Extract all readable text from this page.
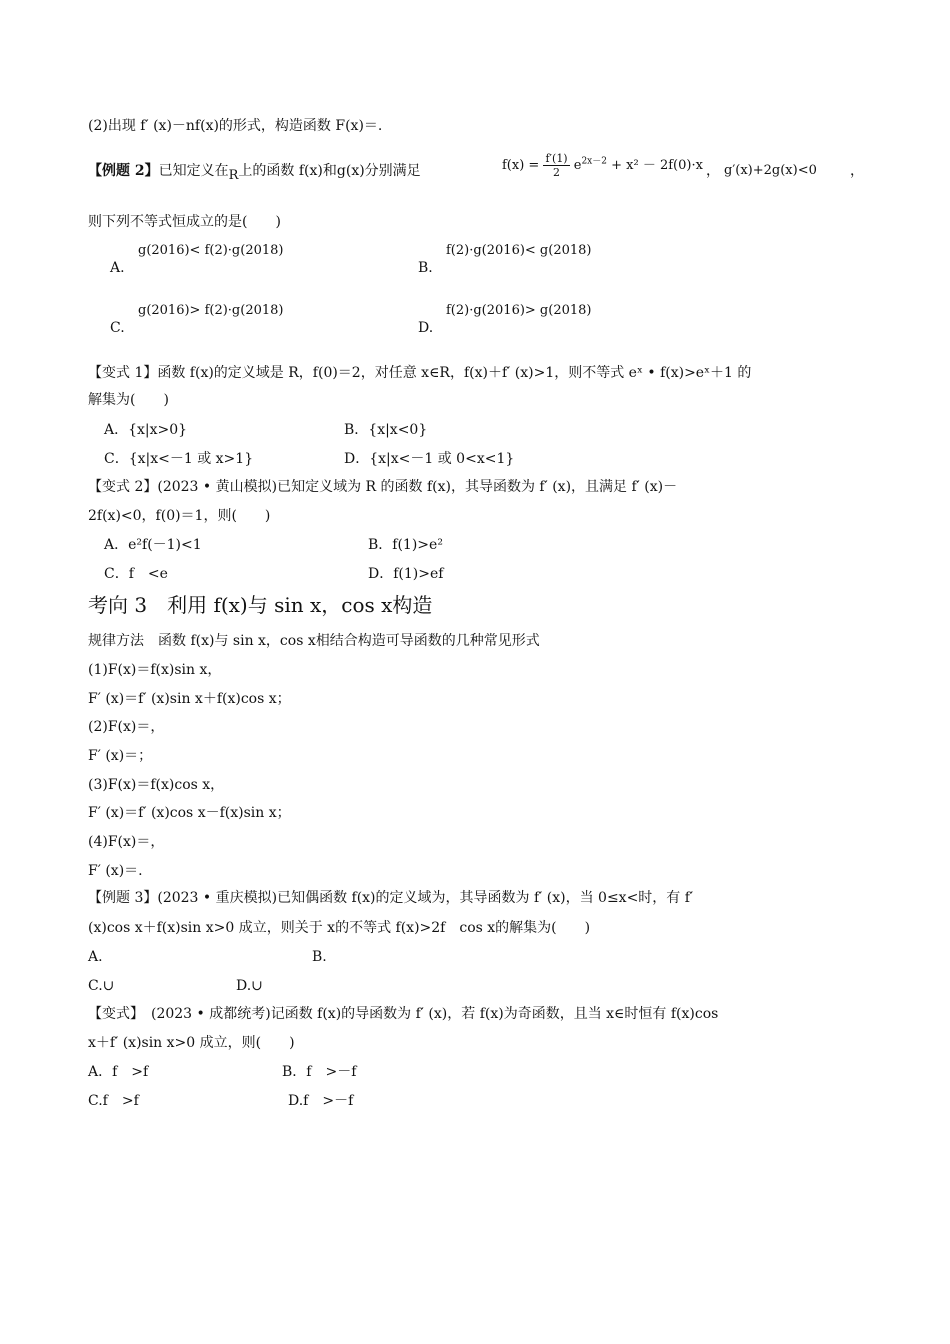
(2)出现 f′ (x)－nf(x)的形式，构造函数 F(x)＝.
【例题 2】已知定义在R上的函数 f(x)和g(x)分别满足	$f(x) = \frac{f'(1)}{2} e^{2x-2} + x^2 - 2f(0)\cdot x$ ， g′(x)+2g(x)<0 ，
则下列不等式恒成立的是(　　)
g(2016)< f(2)·g(2018)
A.
f(2)·g(2016)< g(2018)
B.
g(2016)> f(2)·g(2018)
C.
f(2)·g(2016)> g(2018)
D.
【变式 1】函数 f(x)的定义域是 R，f(0)＝2，对任意 x∈R，f(x)＋f′ (x)>1，则不等式 eˣ • f(x)>eˣ＋1 的
解集为(　　)
A．{x|x>0}	B．{x|x<0}
C．{x|x<－1 或 x>1}	D．{x|x<－1 或 0<x<1}
【变式 2】(2023 • 黄山模拟)已知定义域为 R 的函数 f(x)，其导函数为 f′ (x)，且满足 f′ (x)－
2f(x)<0，f(0)＝1，则(　　)
A．e²f(－1)<1	B．f(1)>e²
C．f　<e	D．f(1)>ef
考向 3　利用 f(x)与 sin x，cos x构造
规律方法　函数 f(x)与 sin x，cos x相结合构造可导函数的几种常见形式
(1)F(x)＝f(x)sin x，
F′ (x)＝f′ (x)sin x＋f(x)cos x；
(2)F(x)＝，
F′ (x)＝；
(3)F(x)＝f(x)cos x，
F′ (x)＝f′ (x)cos x－f(x)sin x；
(4)F(x)＝，
F′ (x)＝.
【例题 3】(2023 • 重庆模拟)已知偶函数 f(x)的定义域为，其导函数为 f′ (x)，当 0≤x<时，有 f′
(x)cos x＋f(x)sin x>0 成立，则关于 x的不等式 f(x)>2f　cos x的解集为(　　)
A.	B.
C.∪	D.∪
【变式】　(2023 • 成都统考)记函数 f(x)的导函数为 f′ (x)，若 f(x)为奇函数，且当 x∈时恒有 f(x)cos
x＋f′ (x)sin x>0 成立，则(　　)
A．f　>f	B．f　>－f
C.f　>f	D.f　>－f
